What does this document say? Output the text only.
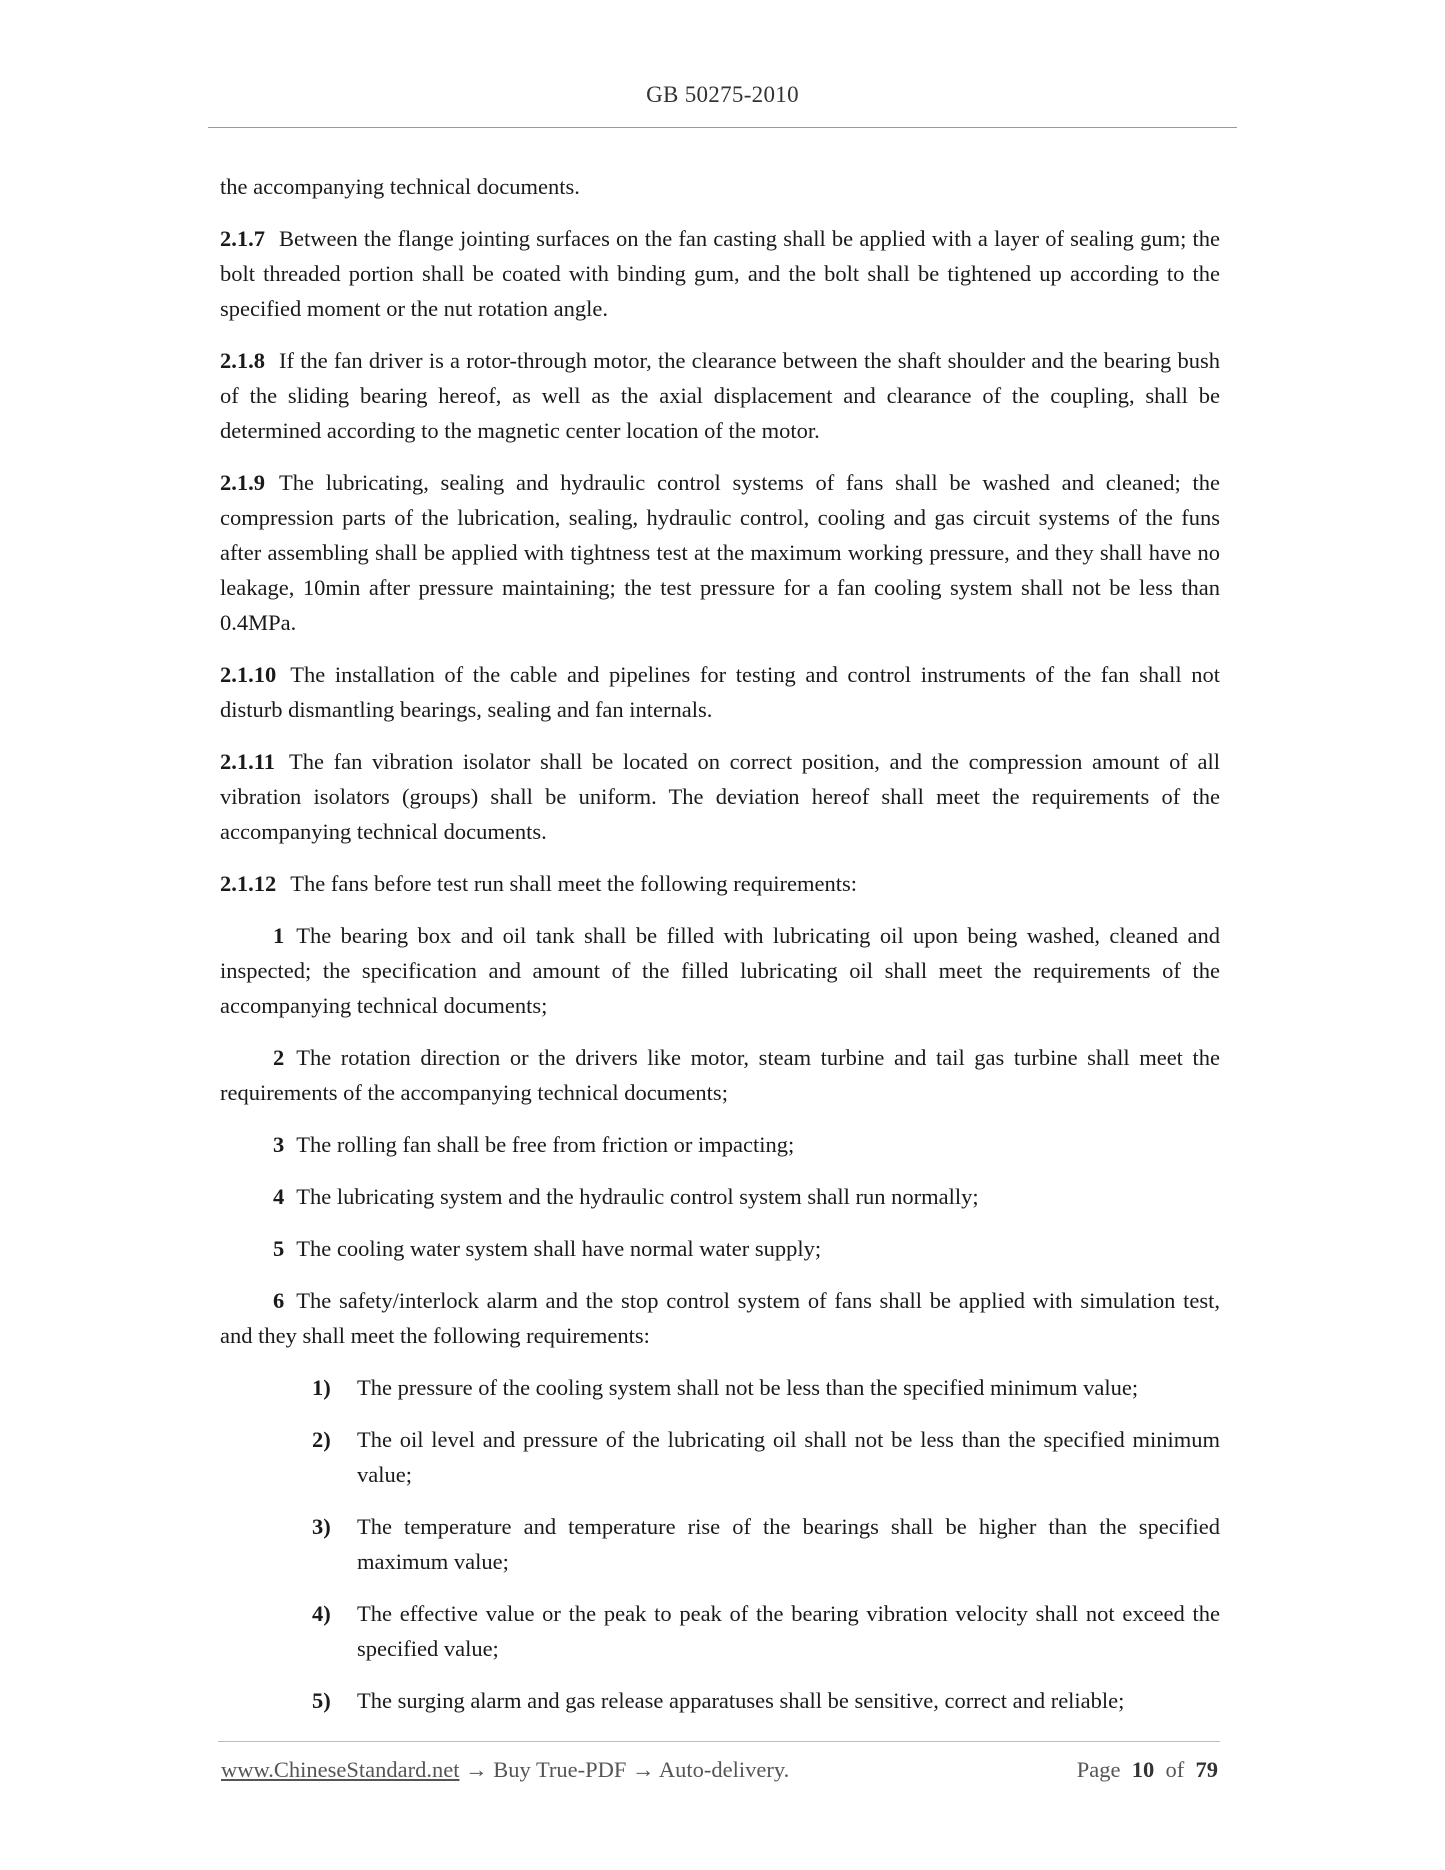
GB 50275-2010

the accompanying technical documents.

2.1.7 Between the flange jointing surfaces on the fan casting shall be applied with a layer of sealing gum; the bolt threaded portion shall be coated with binding gum, and the bolt shall be tightened up according to the specified moment or the nut rotation angle.

2.1.8 If the fan driver is a rotor-through motor, the clearance between the shaft shoulder and the bearing bush of the sliding bearing hereof, as well as the axial displacement and clearance of the coupling, shall be determined according to the magnetic center location of the motor.

2.1.9 The lubricating, sealing and hydraulic control systems of fans shall be washed and cleaned; the compression parts of the lubrication, sealing, hydraulic control, cooling and gas circuit systems of the funs after assembling shall be applied with tightness test at the maximum working pressure, and they shall have no leakage, 10min after pressure maintaining; the test pressure for a fan cooling system shall not be less than 0.4MPa.

2.1.10 The installation of the cable and pipelines for testing and control instruments of the fan shall not disturb dismantling bearings, sealing and fan internals.

2.1.11 The fan vibration isolator shall be located on correct position, and the compression amount of all vibration isolators (groups) shall be uniform. The deviation hereof shall meet the requirements of the accompanying technical documents.

2.1.12 The fans before test run shall meet the following requirements:

1 The bearing box and oil tank shall be filled with lubricating oil upon being washed, cleaned and inspected; the specification and amount of the filled lubricating oil shall meet the requirements of the accompanying technical documents;

2 The rotation direction or the drivers like motor, steam turbine and tail gas turbine shall meet the requirements of the accompanying technical documents;

3 The rolling fan shall be free from friction or impacting;

4 The lubricating system and the hydraulic control system shall run normally;

5 The cooling water system shall have normal water supply;

6 The safety/interlock alarm and the stop control system of fans shall be applied with simulation test, and they shall meet the following requirements:

1) The pressure of the cooling system shall not be less than the specified minimum value;
2) The oil level and pressure of the lubricating oil shall not be less than the specified minimum value;
3) The temperature and temperature rise of the bearings shall be higher than the specified maximum value;
4) The effective value or the peak to peak of the bearing vibration velocity shall not exceed the specified value;
5) The surging alarm and gas release apparatuses shall be sensitive, correct and reliable;
www.ChineseStandard.net → Buy True-PDF → Auto-delivery.	Page 10 of 79
